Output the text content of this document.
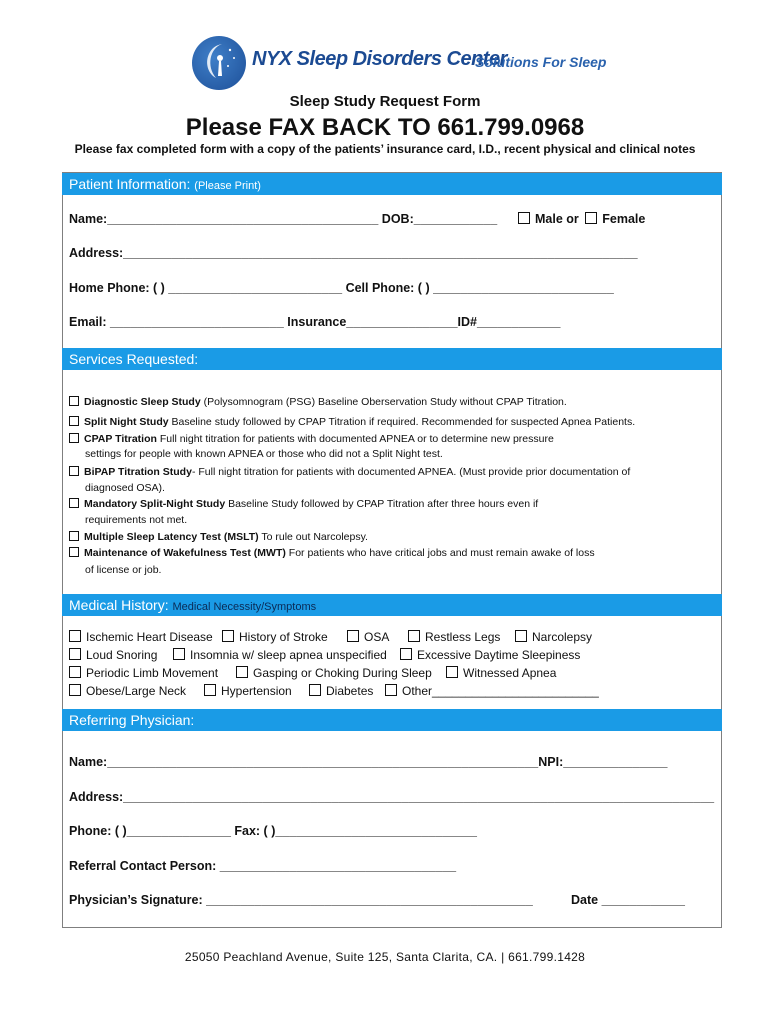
NYX Sleep Disorders Center
Solutions For Sleep
Sleep Study Request Form
Please FAX BACK TO 661.799.0968
Please fax completed form with a copy of the patients’ insurance card, I.D., recent physical and clinical notes
Patient Information: (Please Print)
Name:_______________________________________ DOB:____________	Male or Female
Address:__________________________________________________________________________
Home Phone: ( ) _________________________ Cell Phone: ( ) __________________________
Email: _________________________ Insurance________________ID#____________
Services Requested:
Diagnostic Sleep Study (Polysomnogram (PSG) Baseline Oberservation Study without CPAP Titration.
Split Night Study Baseline study followed by CPAP Titration if required. Recommended for suspected Apnea Patients.
CPAP Titration Full night titration for patients with documented APNEA or to determine new pressure
settings for people with known APNEA or those who did not a Split Night test.
BiPAP Titration Study- Full night titration for patients with documented APNEA. (Must provide prior documentation of
diagnosed OSA).
Mandatory Split-Night Study Baseline Study followed by CPAP Titration after three hours even if
requirements not met.
Multiple Sleep Latency Test (MSLT) To rule out Narcolepsy.
Maintenance of Wakefulness Test (MWT) For patients who have critical jobs and must remain awake of loss
of license or job.
Medical History: Medical Necessity/Symptoms
Ischemic Heart Disease	History of Stroke	OSA	Restless Legs	Narcolepsy
Loud Snoring	Insomnia w/ sleep apnea unspecified	Excessive Daytime Sleepiness
Periodic Limb Movement	Gasping or Choking During Sleep	Witnessed Apnea
Obese/Large Neck	Hypertension	Diabetes	Other_________________________
Referring Physician:
Name:______________________________________________________________NPI:_______________
Address:_____________________________________________________________________________________
Phone: ( )_______________ Fax: ( )_____________________________
Referral Contact Person: __________________________________
Physician’s Signature: _______________________________________________	Date ____________
25050 Peachland Avenue, Suite 125, Santa Clarita, CA. | 661.799.1428
